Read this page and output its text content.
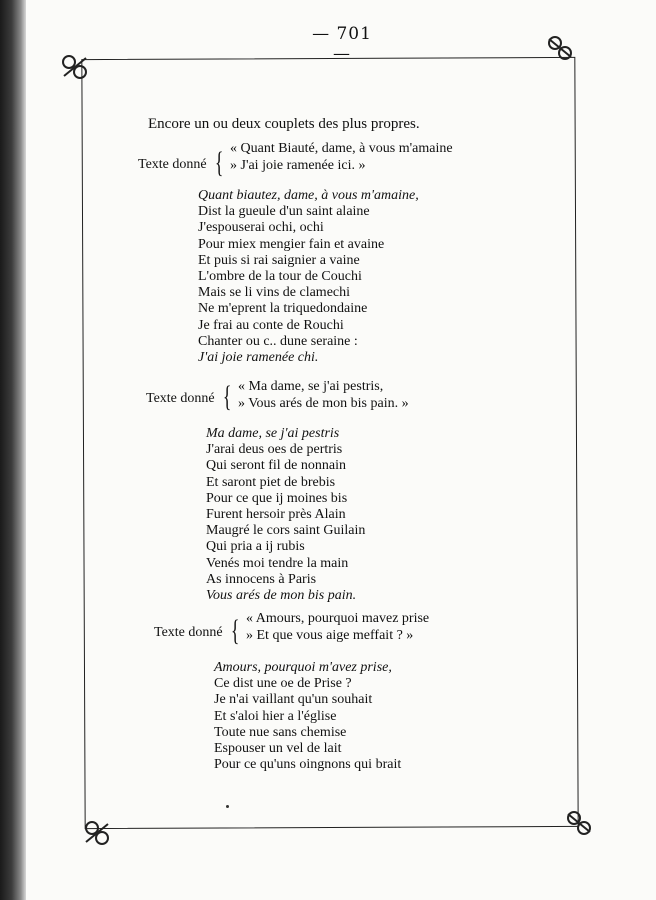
— 701 —
Encore un ou deux couplets des plus propres.
Texte donné { « Quant Biauté, dame, à vous m'amaine
» J'ai joie ramenée ici. »
Quant biautez, dame, à vous m'amaine,
Dist la gueule d'un saint alaine
J'espouserai ochi, ochi
Pour miex mengier fain et avaine
Et puis si rai saignier a vaine
L'ombre de la tour de Couchi
Mais se li vins de clamechi
Ne m'eprent la triquedondaine
Je frai au conte de Rouchi
Chanter ou c.. dune seraine :
J'ai joie ramenée chi.
Texte donné { « Ma dame, se j'ai pestris,
» Vous arés de mon bis pain. »
Ma dame, se j'ai pestris
J'arai deus oes de pertris
Qui seront fil de nonnain
Et saront piet de brebis
Pour ce que ij moines bis
Furent hersoir près Alain
Maugré le cors saint Guilain
Qui pria a ij rubis
Venés moi tendre la main
As innocens à Paris
Vous arés de mon bis pain.
Texte donné { « Amours, pourquoi mavez prise
» Et que vous aige meffait ? »
Amours, pourquoi m'avez prise,
Ce dist une oe de Prise ?
Je n'ai vaillant qu'un souhait
Et s'aloi hier a l'église
Toute nue sans chemise
Espouser un vel de lait
Pour ce qu'uns oingnons qui brait
